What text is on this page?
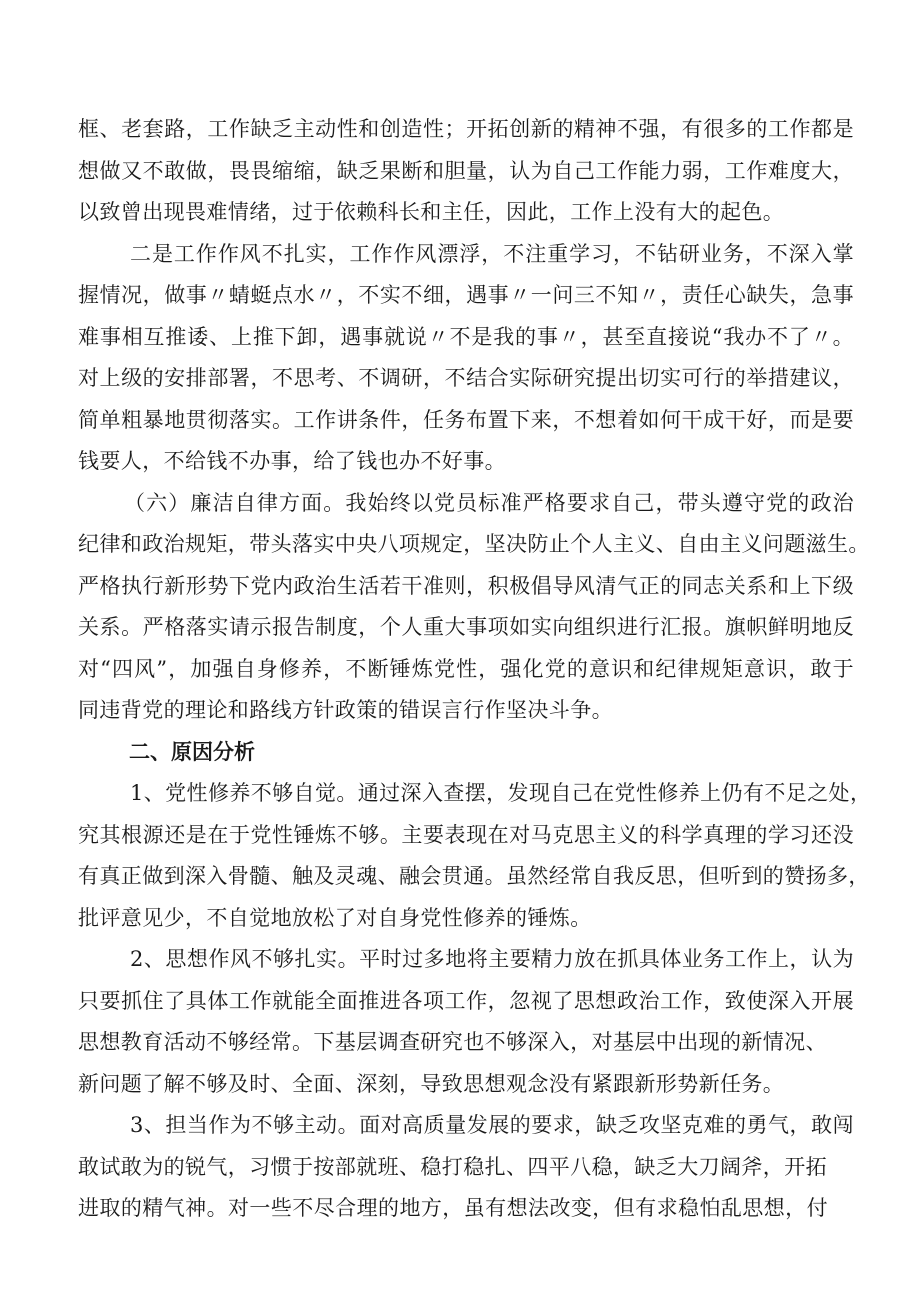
框、老套路，工作缺乏主动性和创造性；开拓创新的精神不强，有很多的工作都是
想做又不敢做，畏畏缩缩，缺乏果断和胆量，认为自己工作能力弱，工作难度大，
以致曾出现畏难情绪，过于依赖科长和主任，因此，工作上没有大的起色。
二是工作作风不扎实，工作作风漂浮，不注重学习，不钻研业务，不深入掌
握情况，做事〃蜻蜓点水〃，不实不细，遇事〃一问三不知〃，责任心缺失，急事
难事相互推诿、上推下卸，遇事就说〃不是我的事〃，甚至直接说“我办不了〃。
对上级的安排部署，不思考、不调研，不结合实际研究提出切实可行的举措建议，
简单粗暴地贯彻落实。工作讲条件，任务布置下来，不想着如何干成干好，而是要
钱要人，不给钱不办事，给了钱也办不好事。
（六）廉洁自律方面。我始终以党员标准严格要求自己，带头遵守党的政治
纪律和政治规矩，带头落实中央八项规定，坚决防止个人主义、自由主义问题滋生。
严格执行新形势下党内政治生活若干准则，积极倡导风清气正的同志关系和上下级
关系。严格落实请示报告制度，个人重大事项如实向组织进行汇报。旗帜鲜明地反
对“四风”，加强自身修养，不断锤炼党性，强化党的意识和纪律规矩意识，敢于
同违背党的理论和路线方针政策的错误言行作坚决斗争。
二、原因分析
1、党性修养不够自觉。通过深入查摆，发现自己在党性修养上仍有不足之处，
究其根源还是在于党性锤炼不够。主要表现在对马克思主义的科学真理的学习还没
有真正做到深入骨髓、触及灵魂、融会贯通。虽然经常自我反思，但听到的赞扬多，
批评意见少，不自觉地放松了对自身党性修养的锤炼。
2、思想作风不够扎实。平时过多地将主要精力放在抓具体业务工作上，认为
只要抓住了具体工作就能全面推进各项工作，忽视了思想政治工作，致使深入开展
思想教育活动不够经常。下基层调查研究也不够深入，对基层中出现的新情况、
新问题了解不够及时、全面、深刻，导致思想观念没有紧跟新形势新任务。
3、担当作为不够主动。面对高质量发展的要求，缺乏攻坚克难的勇气，敢闯
敢试敢为的锐气，习惯于按部就班、稳打稳扎、四平八稳，缺乏大刀阔斧，开拓
进取的精气神。对一些不尽合理的地方，虽有想法改变，但有求稳怕乱思想，付
